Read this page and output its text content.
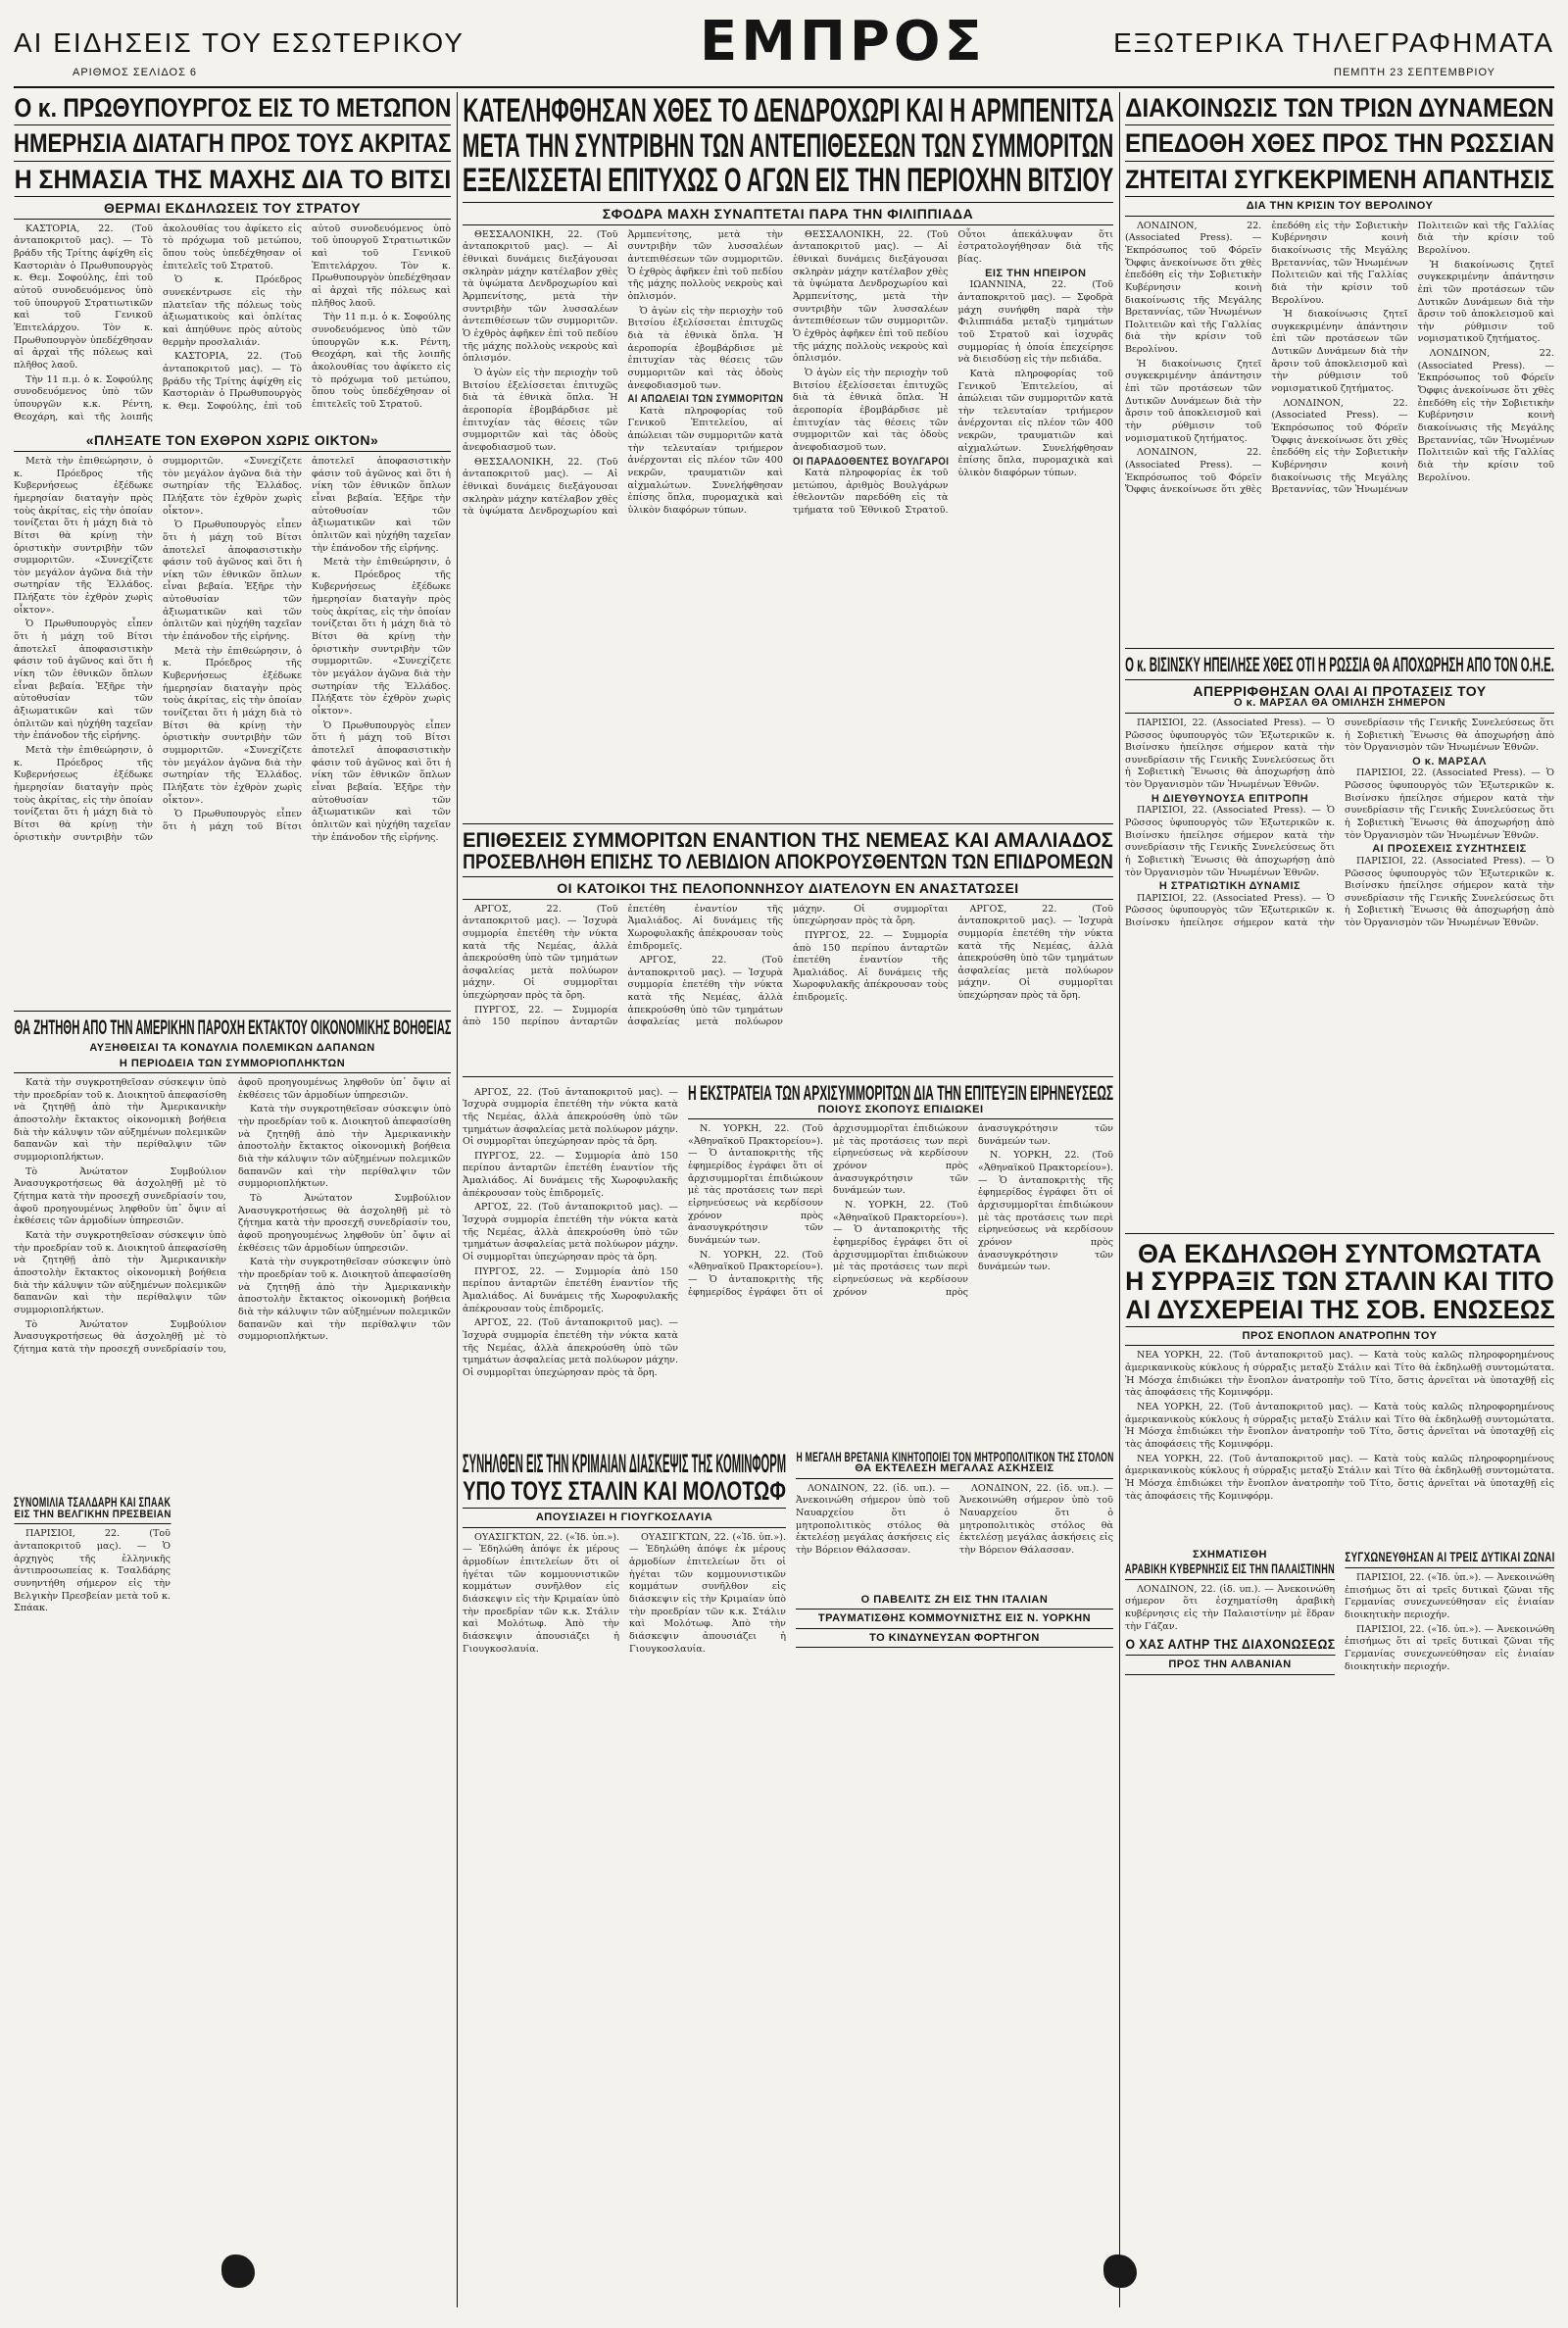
ΑΙ ΕΙΔΗΣΕΙΣ ΤΟΥ ΕΣΩΤΕΡΙΚΟΥ	ΕΜΠΡΟΣ	ΕΞΩΤΕΡΙΚΑ ΤΗΛΕΓΡΑΦΗΜΑΤΑ
ΑΡΙΘΜΟΣ ΣΕΛΙΔΟΣ 6	ΠΕΜΠΤΗ 23 ΣΕΠΤΕΜΒΡΙΟΥ
Ο κ. ΠΡΩΘΥΠΟΥΡΓΟΣ ΕΙΣ ΤΟ ΜΕΤΩΠΟΝ
ΗΜΕΡΗΣΙΑ ΔΙΑΤΑΓΗ ΠΡΟΣ ΤΟΥΣ ΑΚΡΙΤΑΣ
Η ΣΗΜΑΣΙΑ ΤΗΣ ΜΑΧΗΣ ΔΙΑ ΤΟ ΒΙΤΣΙ
ΘΕΡΜΑΙ ΕΚΔΗΛΩΣΕΙΣ ΤΟΥ ΣΤΡΑΤΟΥ

ΚΑΣΤΟΡΙΑ, 22. (Τοῦ ἀνταποκριτοῦ μας). — Τὸ βράδυ τῆς Τρίτης ἀφίχθη εἰς Καστοριὰν ὁ Πρωθυπουργὸς κ. Θεμ. Σοφούλης, ἐπὶ τοῦ αὐτοῦ συνοδευόμενος ὑπὸ τοῦ ὑπουργοῦ Στρατιωτικῶν καὶ τοῦ Γενικοῦ Ἐπιτελάρχου. Τὸν κ. Πρωθυπουργὸν ὑπεδέχθησαν αἱ ἀρχαὶ τῆς πόλεως καὶ πλῆθος λαοῦ.

Τὴν 11 π.μ. ὁ κ. Σοφούλης συνοδευόμενος ὑπὸ τῶν ὑπουργῶν κ.κ. Ρέντη, Θεοχάρη, καὶ τῆς λοιπῆς ἀκολουθίας του ἀφίκετο εἰς τὸ πρόχωμα τοῦ μετώπου, ὅπου τοὺς ὑπεδέχθησαν οἱ ἐπιτελεῖς τοῦ Στρατοῦ.

Ὁ κ. Πρόεδρος συνεκέντρωσε εἰς τὴν πλατεῖαν τῆς πόλεως τοὺς ἀξιωματικοὺς καὶ ὁπλίτας καὶ ἀπηύθυνε πρὸς αὐτοὺς θερμὴν προσλαλιάν.

ΚΑΣΤΟΡΙΑ, 22. (Τοῦ ἀνταποκριτοῦ μας). — Τὸ βράδυ τῆς Τρίτης ἀφίχθη εἰς Καστοριὰν ὁ Πρωθυπουργὸς κ. Θεμ. Σοφούλης, ἐπὶ τοῦ αὐτοῦ συνοδευόμενος ὑπὸ τοῦ ὑπουργοῦ Στρατιωτικῶν καὶ τοῦ Γενικοῦ Ἐπιτελάρχου. Τὸν κ. Πρωθυπουργὸν ὑπεδέχθησαν αἱ ἀρχαὶ τῆς πόλεως καὶ πλῆθος λαοῦ.

Τὴν 11 π.μ. ὁ κ. Σοφούλης συνοδευόμενος ὑπὸ τῶν ὑπουργῶν κ.κ. Ρέντη, Θεοχάρη, καὶ τῆς λοιπῆς ἀκολουθίας του ἀφίκετο εἰς τὸ πρόχωμα τοῦ μετώπου, ὅπου τοὺς ὑπεδέχθησαν οἱ ἐπιτελεῖς τοῦ Στρατοῦ.

«ΠΛΗΞΑΤΕ ΤΟΝ ΕΧΘΡΟΝ ΧΩΡΙΣ ΟΙΚΤΟΝ»

Μετὰ τὴν ἐπιθεώρησιν, ὁ κ. Πρόεδρος τῆς Κυβερνήσεως ἐξέδωκε ἡμερησίαν διαταγὴν πρὸς τοὺς ἀκρίτας, εἰς τὴν ὁποίαν τονίζεται ὅτι ἡ μάχη διὰ τὸ Βίτσι θὰ κρίνῃ τὴν ὁριστικὴν συντριβὴν τῶν συμμοριτῶν. «Συνεχίζετε τὸν μεγάλον ἀγῶνα διὰ τὴν σωτηρίαν τῆς Ἑλλάδος. Πλήξατε τὸν ἐχθρὸν χωρὶς οἶκτον».

Ὁ Πρωθυπουργὸς εἶπεν ὅτι ἡ μάχη τοῦ Βίτσι ἀποτελεῖ ἀποφασιστικὴν φάσιν τοῦ ἀγῶνος καὶ ὅτι ἡ νίκη τῶν ἐθνικῶν ὅπλων εἶναι βεβαία. Ἐξῆρε τὴν αὐτοθυσίαν τῶν ἀξιωματικῶν καὶ τῶν ὁπλιτῶν καὶ ηὐχήθη ταχεῖαν τὴν ἐπάνοδον τῆς εἰρήνης.

Μετὰ τὴν ἐπιθεώρησιν, ὁ κ. Πρόεδρος τῆς Κυβερνήσεως ἐξέδωκε ἡμερησίαν διαταγὴν πρὸς τοὺς ἀκρίτας, εἰς τὴν ὁποίαν τονίζεται ὅτι ἡ μάχη διὰ τὸ Βίτσι θὰ κρίνῃ τὴν ὁριστικὴν συντριβὴν τῶν συμμοριτῶν. «Συνεχίζετε τὸν μεγάλον ἀγῶνα διὰ τὴν σωτηρίαν τῆς Ἑλλάδος. Πλήξατε τὸν ἐχθρὸν χωρὶς οἶκτον».

Ὁ Πρωθυπουργὸς εἶπεν ὅτι ἡ μάχη τοῦ Βίτσι ἀποτελεῖ ἀποφασιστικὴν φάσιν τοῦ ἀγῶνος καὶ ὅτι ἡ νίκη τῶν ἐθνικῶν ὅπλων εἶναι βεβαία. Ἐξῆρε τὴν αὐτοθυσίαν τῶν ἀξιωματικῶν καὶ τῶν ὁπλιτῶν καὶ ηὐχήθη ταχεῖαν τὴν ἐπάνοδον τῆς εἰρήνης.

Μετὰ τὴν ἐπιθεώρησιν, ὁ κ. Πρόεδρος τῆς Κυβερνήσεως ἐξέδωκε ἡμερησίαν διαταγὴν πρὸς τοὺς ἀκρίτας, εἰς τὴν ὁποίαν τονίζεται ὅτι ἡ μάχη διὰ τὸ Βίτσι θὰ κρίνῃ τὴν ὁριστικὴν συντριβὴν τῶν συμμοριτῶν. «Συνεχίζετε τὸν μεγάλον ἀγῶνα διὰ τὴν σωτηρίαν τῆς Ἑλλάδος. Πλήξατε τὸν ἐχθρὸν χωρὶς οἶκτον».

Ὁ Πρωθυπουργὸς εἶπεν ὅτι ἡ μάχη τοῦ Βίτσι ἀποτελεῖ ἀποφασιστικὴν φάσιν τοῦ ἀγῶνος καὶ ὅτι ἡ νίκη τῶν ἐθνικῶν ὅπλων εἶναι βεβαία. Ἐξῆρε τὴν αὐτοθυσίαν τῶν ἀξιωματικῶν καὶ τῶν ὁπλιτῶν καὶ ηὐχήθη ταχεῖαν τὴν ἐπάνοδον τῆς εἰρήνης.

Μετὰ τὴν ἐπιθεώρησιν, ὁ κ. Πρόεδρος τῆς Κυβερνήσεως ἐξέδωκε ἡμερησίαν διαταγὴν πρὸς τοὺς ἀκρίτας, εἰς τὴν ὁποίαν τονίζεται ὅτι ἡ μάχη διὰ τὸ Βίτσι θὰ κρίνῃ τὴν ὁριστικὴν συντριβὴν τῶν συμμοριτῶν. «Συνεχίζετε τὸν μεγάλον ἀγῶνα διὰ τὴν σωτηρίαν τῆς Ἑλλάδος. Πλήξατε τὸν ἐχθρὸν χωρὶς οἶκτον».

Ὁ Πρωθυπουργὸς εἶπεν ὅτι ἡ μάχη τοῦ Βίτσι ἀποτελεῖ ἀποφασιστικὴν φάσιν τοῦ ἀγῶνος καὶ ὅτι ἡ νίκη τῶν ἐθνικῶν ὅπλων εἶναι βεβαία. Ἐξῆρε τὴν αὐτοθυσίαν τῶν ἀξιωματικῶν καὶ τῶν ὁπλιτῶν καὶ ηὐχήθη ταχεῖαν τὴν ἐπάνοδον τῆς εἰρήνης.

ΘΑ ΖΗΤΗΘΗ ΑΠΟ ΤΗΝ ΑΜΕΡΙΚΗΝ ΠΑΡΟΧΗ ΕΚΤΑΚΤΟΥ ΟΙΚΟΝΟΜΙΚΗΣ ΒΟΗΘΕΙΑΣ
ΑΥΞΗΘΕΙΣΑΙ ΤΑ ΚΟΝΔΥΛΙΑ ΠΟΛΕΜΙΚΩΝ ΔΑΠΑΝΩΝ
Η ΠΕΡΙΟΔΕΙΑ ΤΩΝ ΣΥΜΜΟΡΙΟΠΛΗΚΤΩΝ

Κατὰ τὴν συγκροτηθεῖσαν σύσκεψιν ὑπὸ τὴν προεδρίαν τοῦ κ. Διοικητοῦ ἀπεφασίσθη νὰ ζητηθῇ ἀπὸ τὴν Ἀμερικανικὴν ἀποστολὴν ἔκτακτος οἰκονομικὴ βοήθεια διὰ τὴν κάλυψιν τῶν αὐξημένων πολεμικῶν δαπανῶν καὶ τὴν περίθαλψιν τῶν συμμοριοπλήκτων.

Τὸ Ἀνώτατον Συμβούλιον Ἀνασυγκροτήσεως θὰ ἀσχοληθῇ μὲ τὸ ζήτημα κατὰ τὴν προσεχῆ συνεδρίασίν του, ἀφοῦ προηγουμένως ληφθοῦν ὑπ᾽ ὄψιν αἱ ἐκθέσεις τῶν ἁρμοδίων ὑπηρεσιῶν.

Κατὰ τὴν συγκροτηθεῖσαν σύσκεψιν ὑπὸ τὴν προεδρίαν τοῦ κ. Διοικητοῦ ἀπεφασίσθη νὰ ζητηθῇ ἀπὸ τὴν Ἀμερικανικὴν ἀποστολὴν ἔκτακτος οἰκονομικὴ βοήθεια διὰ τὴν κάλυψιν τῶν αὐξημένων πολεμικῶν δαπανῶν καὶ τὴν περίθαλψιν τῶν συμμοριοπλήκτων.

Τὸ Ἀνώτατον Συμβούλιον Ἀνασυγκροτήσεως θὰ ἀσχοληθῇ μὲ τὸ ζήτημα κατὰ τὴν προσεχῆ συνεδρίασίν του, ἀφοῦ προηγουμένως ληφθοῦν ὑπ᾽ ὄψιν αἱ ἐκθέσεις τῶν ἁρμοδίων ὑπηρεσιῶν.

Κατὰ τὴν συγκροτηθεῖσαν σύσκεψιν ὑπὸ τὴν προεδρίαν τοῦ κ. Διοικητοῦ ἀπεφασίσθη νὰ ζητηθῇ ἀπὸ τὴν Ἀμερικανικὴν ἀποστολὴν ἔκτακτος οἰκονομικὴ βοήθεια διὰ τὴν κάλυψιν τῶν αὐξημένων πολεμικῶν δαπανῶν καὶ τὴν περίθαλψιν τῶν συμμοριοπλήκτων.

Τὸ Ἀνώτατον Συμβούλιον Ἀνασυγκροτήσεως θὰ ἀσχοληθῇ μὲ τὸ ζήτημα κατὰ τὴν προσεχῆ συνεδρίασίν του, ἀφοῦ προηγουμένως ληφθοῦν ὑπ᾽ ὄψιν αἱ ἐκθέσεις τῶν ἁρμοδίων ὑπηρεσιῶν.

Κατὰ τὴν συγκροτηθεῖσαν σύσκεψιν ὑπὸ τὴν προεδρίαν τοῦ κ. Διοικητοῦ ἀπεφασίσθη νὰ ζητηθῇ ἀπὸ τὴν Ἀμερικανικὴν ἀποστολὴν ἔκτακτος οἰκονομικὴ βοήθεια διὰ τὴν κάλυψιν τῶν αὐξημένων πολεμικῶν δαπανῶν καὶ τὴν περίθαλψιν τῶν συμμοριοπλήκτων.

ΣΥΝΟΜΙΛΙΑ ΤΣΑΛΔΑΡΗ ΚΑΙ ΣΠΑΑΚ
ΕΙΣ ΤΗΝ ΒΕΛΓΙΚΗΝ ΠΡΕΣΒΕΙΑΝ

ΠΑΡΙΣΙΟΙ, 22. (Τοῦ ἀνταποκριτοῦ μας). — Ὁ ἀρχηγὸς τῆς ἑλληνικῆς ἀντιπροσωπείας κ. Τσαλδάρης συνηντήθη σήμερον εἰς τὴν Βελγικὴν Πρεσβείαν μετὰ τοῦ κ. Σπάακ.

ΚΑΤΕΛΗΦΘΗΣΑΝ ΧΘΕΣ ΤΟ ΔΕΝΔΡΟΧΩΡΙ ΚΑΙ Η ΑΡΜΠΕΝΙΤΣΑ
ΜΕΤΑ ΤΗΝ ΣΥΝΤΡΙΒΗΝ ΤΩΝ ΑΝΤΕΠΙΘΕΣΕΩΝ ΤΩΝ ΣΥΜΜΟΡΙΤΩΝ
ΕΞΕΛΙΣΣΕΤΑΙ ΕΠΙΤΥΧΩΣ Ο ΑΓΩΝ ΕΙΣ ΤΗΝ ΠΕΡΙΟΧΗΝ ΒΙΤΣΙΟΥ
ΣΦΟΔΡΑ ΜΑΧΗ ΣΥΝΑΠΤΕΤΑΙ ΠΑΡΑ ΤΗΝ ΦΙΛΙΠΠΙΑΔΑ

ΘΕΣΣΑΛΟΝΙΚΗ, 22. (Τοῦ ἀνταποκριτοῦ μας). — Αἱ ἐθνικαὶ δυνάμεις διεξάγουσαι σκληρὰν μάχην κατέλαβον χθὲς τὰ ὑψώματα Δενδροχωρίου καὶ Ἀρμπενίτσης, μετὰ τὴν συντριβὴν τῶν λυσσαλέων ἀντεπιθέσεων τῶν συμμοριτῶν. Ὁ ἐχθρὸς ἀφῆκεν ἐπὶ τοῦ πεδίου τῆς μάχης πολλοὺς νεκροὺς καὶ ὁπλισμόν.

Ὁ ἀγὼν εἰς τὴν περιοχὴν τοῦ Βιτσίου ἐξελίσσεται ἐπιτυχῶς διὰ τὰ ἐθνικὰ ὅπλα. Ἡ ἀεροπορία ἐβομβάρδισε μὲ ἐπιτυχίαν τὰς θέσεις τῶν συμμοριτῶν καὶ τὰς ὁδοὺς ἀνεφοδιασμοῦ των.

ΘΕΣΣΑΛΟΝΙΚΗ, 22. (Τοῦ ἀνταποκριτοῦ μας). — Αἱ ἐθνικαὶ δυνάμεις διεξάγουσαι σκληρὰν μάχην κατέλαβον χθὲς τὰ ὑψώματα Δενδροχωρίου καὶ Ἀρμπενίτσης, μετὰ τὴν συντριβὴν τῶν λυσσαλέων ἀντεπιθέσεων τῶν συμμοριτῶν. Ὁ ἐχθρὸς ἀφῆκεν ἐπὶ τοῦ πεδίου τῆς μάχης πολλοὺς νεκροὺς καὶ ὁπλισμόν.

Ὁ ἀγὼν εἰς τὴν περιοχὴν τοῦ Βιτσίου ἐξελίσσεται ἐπιτυχῶς διὰ τὰ ἐθνικὰ ὅπλα. Ἡ ἀεροπορία ἐβομβάρδισε μὲ ἐπιτυχίαν τὰς θέσεις τῶν συμμοριτῶν καὶ τὰς ὁδοὺς ἀνεφοδιασμοῦ των.

ΑΙ ΑΠΩΛΕΙΑΙ ΤΩΝ ΣΥΜΜΟΡΙΤΩΝ

Κατὰ πληροφορίας τοῦ Γενικοῦ Ἐπιτελείου, αἱ ἀπώλειαι τῶν συμμοριτῶν κατὰ τὴν τελευταίαν τριήμερον ἀνέρχονται εἰς πλέον τῶν 400 νεκρῶν, τραυματιῶν καὶ αἰχμαλώτων. Συνελήφθησαν ἐπίσης ὅπλα, πυρομαχικὰ καὶ ὑλικὸν διαφόρων τύπων.

ΘΕΣΣΑΛΟΝΙΚΗ, 22. (Τοῦ ἀνταποκριτοῦ μας). — Αἱ ἐθνικαὶ δυνάμεις διεξάγουσαι σκληρὰν μάχην κατέλαβον χθὲς τὰ ὑψώματα Δενδροχωρίου καὶ Ἀρμπενίτσης, μετὰ τὴν συντριβὴν τῶν λυσσαλέων ἀντεπιθέσεων τῶν συμμοριτῶν. Ὁ ἐχθρὸς ἀφῆκεν ἐπὶ τοῦ πεδίου τῆς μάχης πολλοὺς νεκροὺς καὶ ὁπλισμόν.

Ὁ ἀγὼν εἰς τὴν περιοχὴν τοῦ Βιτσίου ἐξελίσσεται ἐπιτυχῶς διὰ τὰ ἐθνικὰ ὅπλα. Ἡ ἀεροπορία ἐβομβάρδισε μὲ ἐπιτυχίαν τὰς θέσεις τῶν συμμοριτῶν καὶ τὰς ὁδοὺς ἀνεφοδιασμοῦ των.

ΟΙ ΠΑΡΑΔΟΘΕΝΤΕΣ ΒΟΥΛΓΑΡΟΙ

Κατὰ πληροφορίας ἐκ τοῦ μετώπου, ἀριθμὸς Βουλγάρων ἐθελοντῶν παρεδόθη εἰς τὰ τμήματα τοῦ Ἐθνικοῦ Στρατοῦ. Οὗτοι ἀπεκάλυψαν ὅτι ἐστρατολογήθησαν διὰ τῆς βίας.

ΕΙΣ ΤΗΝ ΗΠΕΙΡΟΝ

ΙΩΑΝΝΙΝΑ, 22. (Τοῦ ἀνταποκριτοῦ μας). — Σφοδρὰ μάχη συνήφθη παρὰ τὴν Φιλιππιάδα μεταξὺ τμημάτων τοῦ Στρατοῦ καὶ ἰσχυρᾶς συμμορίας ἡ ὁποία ἐπεχείρησε νὰ διεισδύσῃ εἰς τὴν πεδιάδα.

Κατὰ πληροφορίας τοῦ Γενικοῦ Ἐπιτελείου, αἱ ἀπώλειαι τῶν συμμοριτῶν κατὰ τὴν τελευταίαν τριήμερον ἀνέρχονται εἰς πλέον τῶν 400 νεκρῶν, τραυματιῶν καὶ αἰχμαλώτων. Συνελήφθησαν ἐπίσης ὅπλα, πυρομαχικὰ καὶ ὑλικὸν διαφόρων τύπων.

ΕΠΙΘΕΣΕΙΣ ΣΥΜΜΟΡΙΤΩΝ ΕΝΑΝΤΙΟΝ ΤΗΣ ΝΕΜΕΑΣ ΚΑΙ ΑΜΑΛΙΑΔΟΣ
ΠΡΟΣΕΒΛΗΘΗ ΕΠΙΣΗΣ ΤΟ ΛΕΒΙΔΙΟΝ ΑΠΟΚΡΟΥΣΘΕΝΤΩΝ ΤΩΝ ΕΠΙΔΡΟΜΕΩΝ
ΟΙ ΚΑΤΟΙΚΟΙ ΤΗΣ ΠΕΛΟΠΟΝΝΗΣΟΥ ΔΙΑΤΕΛΟΥΝ ΕΝ ΑΝΑΣΤΑΤΩΣΕΙ

ΑΡΓΟΣ, 22. (Τοῦ ἀνταποκριτοῦ μας). — Ἰσχυρὰ συμμορία ἐπετέθη τὴν νύκτα κατὰ τῆς Νεμέας, ἀλλὰ ἀπεκρούσθη ὑπὸ τῶν τμημάτων ἀσφαλείας μετὰ πολύωρον μάχην. Οἱ συμμορῖται ὑπεχώρησαν πρὸς τὰ ὄρη.

ΠΥΡΓΟΣ, 22. — Συμμορία ἀπὸ 150 περίπου ἀνταρτῶν ἐπετέθη ἐναντίον τῆς Ἀμαλιάδος. Αἱ δυνάμεις τῆς Χωροφυλακῆς ἀπέκρουσαν τοὺς ἐπιδρομεῖς.

ΑΡΓΟΣ, 22. (Τοῦ ἀνταποκριτοῦ μας). — Ἰσχυρὰ συμμορία ἐπετέθη τὴν νύκτα κατὰ τῆς Νεμέας, ἀλλὰ ἀπεκρούσθη ὑπὸ τῶν τμημάτων ἀσφαλείας μετὰ πολύωρον μάχην. Οἱ συμμορῖται ὑπεχώρησαν πρὸς τὰ ὄρη.

ΠΥΡΓΟΣ, 22. — Συμμορία ἀπὸ 150 περίπου ἀνταρτῶν ἐπετέθη ἐναντίον τῆς Ἀμαλιάδος. Αἱ δυνάμεις τῆς Χωροφυλακῆς ἀπέκρουσαν τοὺς ἐπιδρομεῖς.

ΑΡΓΟΣ, 22. (Τοῦ ἀνταποκριτοῦ μας). — Ἰσχυρὰ συμμορία ἐπετέθη τὴν νύκτα κατὰ τῆς Νεμέας, ἀλλὰ ἀπεκρούσθη ὑπὸ τῶν τμημάτων ἀσφαλείας μετὰ πολύωρον μάχην. Οἱ συμμορῖται ὑπεχώρησαν πρὸς τὰ ὄρη.

ΑΡΓΟΣ, 22. (Τοῦ ἀνταποκριτοῦ μας). — Ἰσχυρὰ συμμορία ἐπετέθη τὴν νύκτα κατὰ τῆς Νεμέας, ἀλλὰ ἀπεκρούσθη ὑπὸ τῶν τμημάτων ἀσφαλείας μετὰ πολύωρον μάχην. Οἱ συμμορῖται ὑπεχώρησαν πρὸς τὰ ὄρη.

ΠΥΡΓΟΣ, 22. — Συμμορία ἀπὸ 150 περίπου ἀνταρτῶν ἐπετέθη ἐναντίον τῆς Ἀμαλιάδος. Αἱ δυνάμεις τῆς Χωροφυλακῆς ἀπέκρουσαν τοὺς ἐπιδρομεῖς.

ΑΡΓΟΣ, 22. (Τοῦ ἀνταποκριτοῦ μας). — Ἰσχυρὰ συμμορία ἐπετέθη τὴν νύκτα κατὰ τῆς Νεμέας, ἀλλὰ ἀπεκρούσθη ὑπὸ τῶν τμημάτων ἀσφαλείας μετὰ πολύωρον μάχην. Οἱ συμμορῖται ὑπεχώρησαν πρὸς τὰ ὄρη.

ΠΥΡΓΟΣ, 22. — Συμμορία ἀπὸ 150 περίπου ἀνταρτῶν ἐπετέθη ἐναντίον τῆς Ἀμαλιάδος. Αἱ δυνάμεις τῆς Χωροφυλακῆς ἀπέκρουσαν τοὺς ἐπιδρομεῖς.

ΑΡΓΟΣ, 22. (Τοῦ ἀνταποκριτοῦ μας). — Ἰσχυρὰ συμμορία ἐπετέθη τὴν νύκτα κατὰ τῆς Νεμέας, ἀλλὰ ἀπεκρούσθη ὑπὸ τῶν τμημάτων ἀσφαλείας μετὰ πολύωρον μάχην. Οἱ συμμορῖται ὑπεχώρησαν πρὸς τὰ ὄρη.

Η ΕΚΣΤΡΑΤΕΙΑ ΤΩΝ ΑΡΧΙΣΥΜΜΟΡΙΤΩΝ ΔΙΑ ΤΗΝ ΕΠΙΤΕΥΞΙΝ ΕΙΡΗΝΕΥΣΕΩΣ
ΠΟΙΟΥΣ ΣΚΟΠΟΥΣ ΕΠΙΔΙΩΚΕΙ

Ν. ΥΟΡΚΗ, 22. (Τοῦ «Ἀθηναϊκοῦ Πρακτορείου»). — Ὁ ἀνταποκριτὴς τῆς ἐφημερίδος ἐγράφει ὅτι οἱ ἀρχισυμμορῖται ἐπιδιώκουν μὲ τὰς προτάσεις των περὶ εἰρηνεύσεως νὰ κερδίσουν χρόνον πρὸς ἀνασυγκρότησιν τῶν δυνάμεών των.

Ν. ΥΟΡΚΗ, 22. (Τοῦ «Ἀθηναϊκοῦ Πρακτορείου»). — Ὁ ἀνταποκριτὴς τῆς ἐφημερίδος ἐγράφει ὅτι οἱ ἀρχισυμμορῖται ἐπιδιώκουν μὲ τὰς προτάσεις των περὶ εἰρηνεύσεως νὰ κερδίσουν χρόνον πρὸς ἀνασυγκρότησιν τῶν δυνάμεών των.

Ν. ΥΟΡΚΗ, 22. (Τοῦ «Ἀθηναϊκοῦ Πρακτορείου»). — Ὁ ἀνταποκριτὴς τῆς ἐφημερίδος ἐγράφει ὅτι οἱ ἀρχισυμμορῖται ἐπιδιώκουν μὲ τὰς προτάσεις των περὶ εἰρηνεύσεως νὰ κερδίσουν χρόνον πρὸς ἀνασυγκρότησιν τῶν δυνάμεών των.

Ν. ΥΟΡΚΗ, 22. (Τοῦ «Ἀθηναϊκοῦ Πρακτορείου»). — Ὁ ἀνταποκριτὴς τῆς ἐφημερίδος ἐγράφει ὅτι οἱ ἀρχισυμμορῖται ἐπιδιώκουν μὲ τὰς προτάσεις των περὶ εἰρηνεύσεως νὰ κερδίσουν χρόνον πρὸς ἀνασυγκρότησιν τῶν δυνάμεών των.

ΣΥΝΗΛΘΕΝ ΕΙΣ ΤΗΝ ΚΡΙΜΑΙΑΝ ΔΙΑΣΚΕΨΙΣ ΤΗΣ ΚΟΜΙΝΦΟΡΜ
ΥΠΟ ΤΟΥΣ ΣΤΑΛΙΝ ΚΑΙ ΜΟΛΟΤΩΦ
ΑΠΟΥΣΙΑΖΕΙ Η ΓΙΟΥΓΚΟΣΛΑΥΙΑ

ΟΥΑΣΙΓΚΤΩΝ, 22. («Ἰδ. ὑπ.»). — Ἐδηλώθη ἀπόψε ἐκ μέρους ἁρμοδίων ἐπιτελείων ὅτι οἱ ἡγέται τῶν κομμουνιστικῶν κομμάτων συνῆλθον εἰς διάσκεψιν εἰς τὴν Κριμαίαν ὑπὸ τὴν προεδρίαν τῶν κ.κ. Στάλιν καὶ Μολότωφ. Ἀπὸ τὴν διάσκεψιν ἀπουσιάζει ἡ Γιουγκοσλαυία.

ΟΥΑΣΙΓΚΤΩΝ, 22. («Ἰδ. ὑπ.»). — Ἐδηλώθη ἀπόψε ἐκ μέρους ἁρμοδίων ἐπιτελείων ὅτι οἱ ἡγέται τῶν κομμουνιστικῶν κομμάτων συνῆλθον εἰς διάσκεψιν εἰς τὴν Κριμαίαν ὑπὸ τὴν προεδρίαν τῶν κ.κ. Στάλιν καὶ Μολότωφ. Ἀπὸ τὴν διάσκεψιν ἀπουσιάζει ἡ Γιουγκοσλαυία.

Η ΜΕΓΑΛΗ ΒΡΕΤΑΝΙΑ ΚΙΝΗΤΟΠΟΙΕΙ ΤΟΝ ΜΗΤΡΟΠΟΛΙΤΙΚΟΝ ΤΗΣ ΣΤΟΛΟΝ
ΘΑ ΕΚΤΕΛΕΣΗ ΜΕΓΑΛΑΣ ΑΣΚΗΣΕΙΣ

ΛΟΝΔΙΝΟΝ, 22. (ἰδ. υπ.). — Ἀνεκοινώθη σήμερον ὑπὸ τοῦ Ναυαρχείου ὅτι ὁ μητροπολιτικὸς στόλος θὰ ἐκτελέσῃ μεγάλας ἀσκήσεις εἰς τὴν Βόρειον Θάλασσαν.

ΛΟΝΔΙΝΟΝ, 22. (ἰδ. υπ.). — Ἀνεκοινώθη σήμερον ὑπὸ τοῦ Ναυαρχείου ὅτι ὁ μητροπολιτικὸς στόλος θὰ ἐκτελέσῃ μεγάλας ἀσκήσεις εἰς τὴν Βόρειον Θάλασσαν.

Ο ΠΑΒΕΛΙΤΣ ΖΗ ΕΙΣ ΤΗΝ ΙΤΑΛΙΑΝ
ΤΡΑΥΜΑΤΙΣΘΗΣ ΚΟΜΜΟΥΝΙΣΤΗΣ ΕΙΣ Ν. ΥΟΡΚΗΝ
ΤΟ ΚΙΝΔΥΝΕΥΣΑΝ ΦΟΡΤΗΓΟΝ
ΔΙΑΚΟΙΝΩΣΙΣ ΤΩΝ ΤΡΙΩΝ ΔΥΝΑΜΕΩΝ
ΕΠΕΔΟΘΗ ΧΘΕΣ ΠΡΟΣ ΤΗΝ ΡΩΣΣΙΑΝ
ΖΗΤΕΙΤΑΙ ΣΥΓΚΕΚΡΙΜΕΝΗ ΑΠΑΝΤΗΣΙΣ
ΔΙΑ ΤΗΝ ΚΡΙΣΙΝ ΤΟΥ ΒΕΡΟΛΙΝΟΥ

ΛΟΝΔΙΝΟΝ, 22. (Associated Press). — Ἐκπρόσωπος τοῦ Φόρεϊν Ὄφφις ἀνεκοίνωσε ὅτι χθὲς ἐπεδόθη εἰς τὴν Σοβιετικὴν Κυβέρνησιν κοινὴ διακοίνωσις τῆς Μεγάλης Βρεταννίας, τῶν Ἡνωμένων Πολιτειῶν καὶ τῆς Γαλλίας διὰ τὴν κρίσιν τοῦ Βερολίνου.

Ἡ διακοίνωσις ζητεῖ συγκεκριμένην ἀπάντησιν ἐπὶ τῶν προτάσεων τῶν Δυτικῶν Δυνάμεων διὰ τὴν ἄρσιν τοῦ ἀποκλεισμοῦ καὶ τὴν ρύθμισιν τοῦ νομισματικοῦ ζητήματος.

ΛΟΝΔΙΝΟΝ, 22. (Associated Press). — Ἐκπρόσωπος τοῦ Φόρεϊν Ὄφφις ἀνεκοίνωσε ὅτι χθὲς ἐπεδόθη εἰς τὴν Σοβιετικὴν Κυβέρνησιν κοινὴ διακοίνωσις τῆς Μεγάλης Βρεταννίας, τῶν Ἡνωμένων Πολιτειῶν καὶ τῆς Γαλλίας διὰ τὴν κρίσιν τοῦ Βερολίνου.

Ἡ διακοίνωσις ζητεῖ συγκεκριμένην ἀπάντησιν ἐπὶ τῶν προτάσεων τῶν Δυτικῶν Δυνάμεων διὰ τὴν ἄρσιν τοῦ ἀποκλεισμοῦ καὶ τὴν ρύθμισιν τοῦ νομισματικοῦ ζητήματος.

ΛΟΝΔΙΝΟΝ, 22. (Associated Press). — Ἐκπρόσωπος τοῦ Φόρεϊν Ὄφφις ἀνεκοίνωσε ὅτι χθὲς ἐπεδόθη εἰς τὴν Σοβιετικὴν Κυβέρνησιν κοινὴ διακοίνωσις τῆς Μεγάλης Βρεταννίας, τῶν Ἡνωμένων Πολιτειῶν καὶ τῆς Γαλλίας διὰ τὴν κρίσιν τοῦ Βερολίνου.

Ἡ διακοίνωσις ζητεῖ συγκεκριμένην ἀπάντησιν ἐπὶ τῶν προτάσεων τῶν Δυτικῶν Δυνάμεων διὰ τὴν ἄρσιν τοῦ ἀποκλεισμοῦ καὶ τὴν ρύθμισιν τοῦ νομισματικοῦ ζητήματος.

ΛΟΝΔΙΝΟΝ, 22. (Associated Press). — Ἐκπρόσωπος τοῦ Φόρεϊν Ὄφφις ἀνεκοίνωσε ὅτι χθὲς ἐπεδόθη εἰς τὴν Σοβιετικὴν Κυβέρνησιν κοινὴ διακοίνωσις τῆς Μεγάλης Βρεταννίας, τῶν Ἡνωμένων Πολιτειῶν καὶ τῆς Γαλλίας διὰ τὴν κρίσιν τοῦ Βερολίνου.

Ο κ. ΒΙΣΙΝΣΚΥ ΗΠΕΙΛΗΣΕ ΧΘΕΣ ΟΤΙ Η ΡΩΣΣΙΑ ΘΑ ΑΠΟΧΩΡΗΣΗ ΑΠΟ ΤΟΝ Ο.Η.Ε.
ΑΠΕΡΡΙΦΘΗΣΑΝ ΟΛΑΙ ΑΙ ΠΡΟΤΑΣΕΙΣ ΤΟΥ
Ο κ. ΜΑΡΣΑΛ ΘΑ ΟΜΙΛΗΣΗ ΣΗΜΕΡΟΝ

ΠΑΡΙΣΙΟΙ, 22. (Associated Press). — Ὁ Ρῶσσος ὑφυπουργὸς τῶν Ἐξωτερικῶν κ. Βισίνσκυ ἠπείλησε σήμερον κατὰ τὴν συνεδρίασιν τῆς Γενικῆς Συνελεύσεως ὅτι ἡ Σοβιετικὴ Ἕνωσις θὰ ἀποχωρήσῃ ἀπὸ τὸν Ὀργανισμὸν τῶν Ἡνωμένων Ἐθνῶν.

Η ΔΙΕΥΘΥΝΟΥΣΑ ΕΠΙΤΡΟΠΗ

ΠΑΡΙΣΙΟΙ, 22. (Associated Press). — Ὁ Ρῶσσος ὑφυπουργὸς τῶν Ἐξωτερικῶν κ. Βισίνσκυ ἠπείλησε σήμερον κατὰ τὴν συνεδρίασιν τῆς Γενικῆς Συνελεύσεως ὅτι ἡ Σοβιετικὴ Ἕνωσις θὰ ἀποχωρήσῃ ἀπὸ τὸν Ὀργανισμὸν τῶν Ἡνωμένων Ἐθνῶν.

Η ΣΤΡΑΤΙΩΤΙΚΗ ΔΥΝΑΜΙΣ

ΠΑΡΙΣΙΟΙ, 22. (Associated Press). — Ὁ Ρῶσσος ὑφυπουργὸς τῶν Ἐξωτερικῶν κ. Βισίνσκυ ἠπείλησε σήμερον κατὰ τὴν συνεδρίασιν τῆς Γενικῆς Συνελεύσεως ὅτι ἡ Σοβιετικὴ Ἕνωσις θὰ ἀποχωρήσῃ ἀπὸ τὸν Ὀργανισμὸν τῶν Ἡνωμένων Ἐθνῶν.

Ο κ. ΜΑΡΣΑΛ

ΠΑΡΙΣΙΟΙ, 22. (Associated Press). — Ὁ Ρῶσσος ὑφυπουργὸς τῶν Ἐξωτερικῶν κ. Βισίνσκυ ἠπείλησε σήμερον κατὰ τὴν συνεδρίασιν τῆς Γενικῆς Συνελεύσεως ὅτι ἡ Σοβιετικὴ Ἕνωσις θὰ ἀποχωρήσῃ ἀπὸ τὸν Ὀργανισμὸν τῶν Ἡνωμένων Ἐθνῶν.

ΑΙ ΠΡΟΣΕΧΕΙΣ ΣΥΖΗΤΗΣΕΙΣ

ΠΑΡΙΣΙΟΙ, 22. (Associated Press). — Ὁ Ρῶσσος ὑφυπουργὸς τῶν Ἐξωτερικῶν κ. Βισίνσκυ ἠπείλησε σήμερον κατὰ τὴν συνεδρίασιν τῆς Γενικῆς Συνελεύσεως ὅτι ἡ Σοβιετικὴ Ἕνωσις θὰ ἀποχωρήσῃ ἀπὸ τὸν Ὀργανισμὸν τῶν Ἡνωμένων Ἐθνῶν.

ΘΑ ΕΚΔΗΛΩΘΗ ΣΥΝΤΟΜΩΤΑΤΑ
Η ΣΥΡΡΑΞΙΣ ΤΩΝ ΣΤΑΛΙΝ ΚΑΙ ΤΙΤΟ
ΑΙ ΔΥΣΧΕΡΕΙΑΙ ΤΗΣ ΣΟΒ. ΕΝΩΣΕΩΣ
ΠΡΟΣ ΕΝΟΠΛΟΝ ΑΝΑΤΡΟΠΗΝ ΤΟΥ

ΝΕΑ ΥΟΡΚΗ, 22. (Τοῦ ἀνταποκριτοῦ μας). — Κατὰ τοὺς καλῶς πληροφορημένους ἀμερικανικοὺς κύκλους ἡ σύρραξις μεταξὺ Στάλιν καὶ Τίτο θὰ ἐκδηλωθῇ συντομώτατα. Ἡ Μόσχα ἐπιδιώκει τὴν ἔνοπλον ἀνατροπὴν τοῦ Τίτο, ὅστις ἀρνεῖται νὰ ὑποταχθῇ εἰς τὰς ἀποφάσεις τῆς Κομινφόρμ.

ΝΕΑ ΥΟΡΚΗ, 22. (Τοῦ ἀνταποκριτοῦ μας). — Κατὰ τοὺς καλῶς πληροφορημένους ἀμερικανικοὺς κύκλους ἡ σύρραξις μεταξὺ Στάλιν καὶ Τίτο θὰ ἐκδηλωθῇ συντομώτατα. Ἡ Μόσχα ἐπιδιώκει τὴν ἔνοπλον ἀνατροπὴν τοῦ Τίτο, ὅστις ἀρνεῖται νὰ ὑποταχθῇ εἰς τὰς ἀποφάσεις τῆς Κομινφόρμ.

ΝΕΑ ΥΟΡΚΗ, 22. (Τοῦ ἀνταποκριτοῦ μας). — Κατὰ τοὺς καλῶς πληροφορημένους ἀμερικανικοὺς κύκλους ἡ σύρραξις μεταξὺ Στάλιν καὶ Τίτο θὰ ἐκδηλωθῇ συντομώτατα. Ἡ Μόσχα ἐπιδιώκει τὴν ἔνοπλον ἀνατροπὴν τοῦ Τίτο, ὅστις ἀρνεῖται νὰ ὑποταχθῇ εἰς τὰς ἀποφάσεις τῆς Κομινφόρμ.

ΣΧΗΜΑΤΙΣΘΗ
ΑΡΑΒΙΚΗ ΚΥΒΕΡΝΗΣΙΣ ΕΙΣ ΤΗΝ ΠΑΛΑΙΣΤΙΝΗΝ

ΛΟΝΔΙΝΟΝ, 22. (ἰδ. υπ.). — Ἀνεκοινώθη σήμερον ὅτι ἐσχηματίσθη ἀραβικὴ κυβέρνησις εἰς τὴν Παλαιστίνην μὲ ἕδραν τὴν Γάζαν.

Ο ΧΑΣ ΑΛΤΗΡ ΤΗΣ ΔΙΑΧΟΝΩΣΕΩΣ
ΠΡΟΣ ΤΗΝ ΑΛΒΑΝΙΑΝ
ΣΥΓΧΩΝΕΥΘΗΣΑΝ ΑΙ ΤΡΕΙΣ ΔΥΤΙΚΑΙ ΖΩΝΑΙ

ΠΑΡΙΣΙΟΙ, 22. («Ἰδ. ὑπ.»). — Ἀνεκοινώθη ἐπισήμως ὅτι αἱ τρεῖς δυτικαὶ ζῶναι τῆς Γερμανίας συνεχωνεύθησαν εἰς ἑνιαίαν διοικητικὴν περιοχήν.

ΠΑΡΙΣΙΟΙ, 22. («Ἰδ. ὑπ.»). — Ἀνεκοινώθη ἐπισήμως ὅτι αἱ τρεῖς δυτικαὶ ζῶναι τῆς Γερμανίας συνεχωνεύθησαν εἰς ἑνιαίαν διοικητικὴν περιοχήν.
